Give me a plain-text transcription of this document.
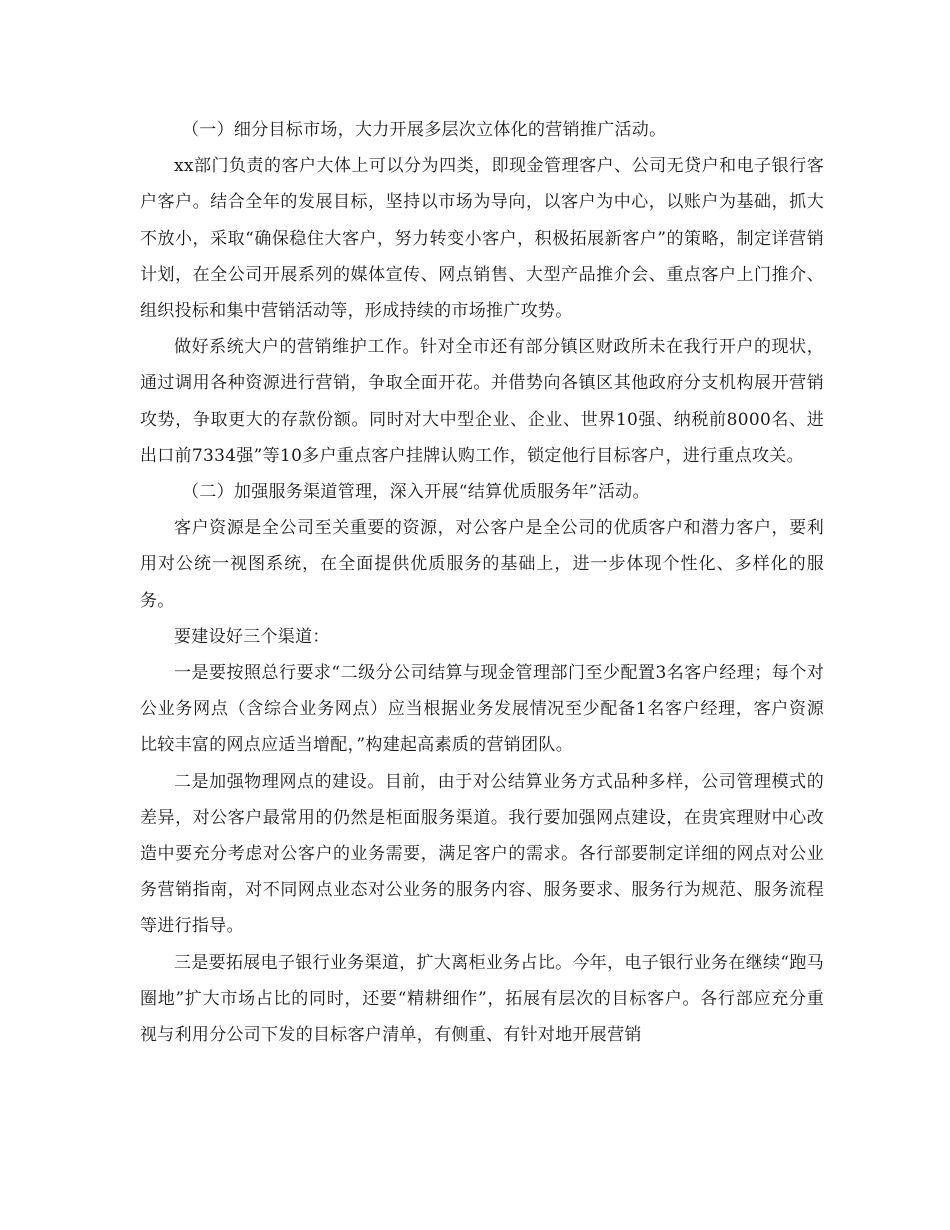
（一）细分目标市场，大力开展多层次立体化的营销推广活动。

xx部门负责的客户大体上可以分为四类，即现金管理客户、公司无贷户和电子银行客户客户。结合全年的发展目标，坚持以市场为导向，以客户为中心，以账户为基础，抓大不放小，采取“确保稳住大客户，努力转变小客户，积极拓展新客户”的策略，制定详营销计划，在全公司开展系列的媒体宣传、网点销售、大型产品推介会、重点客户上门推介、组织投标和集中营销活动等，形成持续的市场推广攻势。

做好系统大户的营销维护工作。针对全市还有部分镇区财政所未在我行开户的现状，通过调用各种资源进行营销，争取全面开花。并借势向各镇区其他政府分支机构展开营销攻势，争取更大的存款份额。同时对大中型企业、企业、世界10强、纳税前8000名、进出口前7334强”等10多户重点客户挂牌认购工作，锁定他行目标客户，进行重点攻关。

（二）加强服务渠道管理，深入开展“结算优质服务年”活动。

客户资源是全公司至关重要的资源，对公客户是全公司的优质客户和潜力客户，要利用对公统一视图系统，在全面提供优质服务的基础上，进一步体现个性化、多样化的服务。

要建设好三个渠道：

一是要按照总行要求“二级分公司结算与现金管理部门至少配置3名客户经理；每个对公业务网点（含综合业务网点）应当根据业务发展情况至少配备1名客户经理，客户资源比较丰富的网点应适当增配，”构建起高素质的营销团队。

二是加强物理网点的建设。目前，由于对公结算业务方式品种多样，公司管理模式的差异，对公客户最常用的仍然是柜面服务渠道。我行要加强网点建设，在贵宾理财中心改造中要充分考虑对公客户的业务需要，满足客户的需求。各行部要制定详细的网点对公业务营销指南，对不同网点业态对公业务的服务内容、服务要求、服务行为规范、服务流程等进行指导。

三是要拓展电子银行业务渠道，扩大离柜业务占比。今年，电子银行业务在继续“跑马圈地”扩大市场占比的同时，还要“精耕细作”，拓展有层次的目标客户。各行部应充分重视与利用分公司下发的目标客户清单，有侧重、有针对地开展营销
